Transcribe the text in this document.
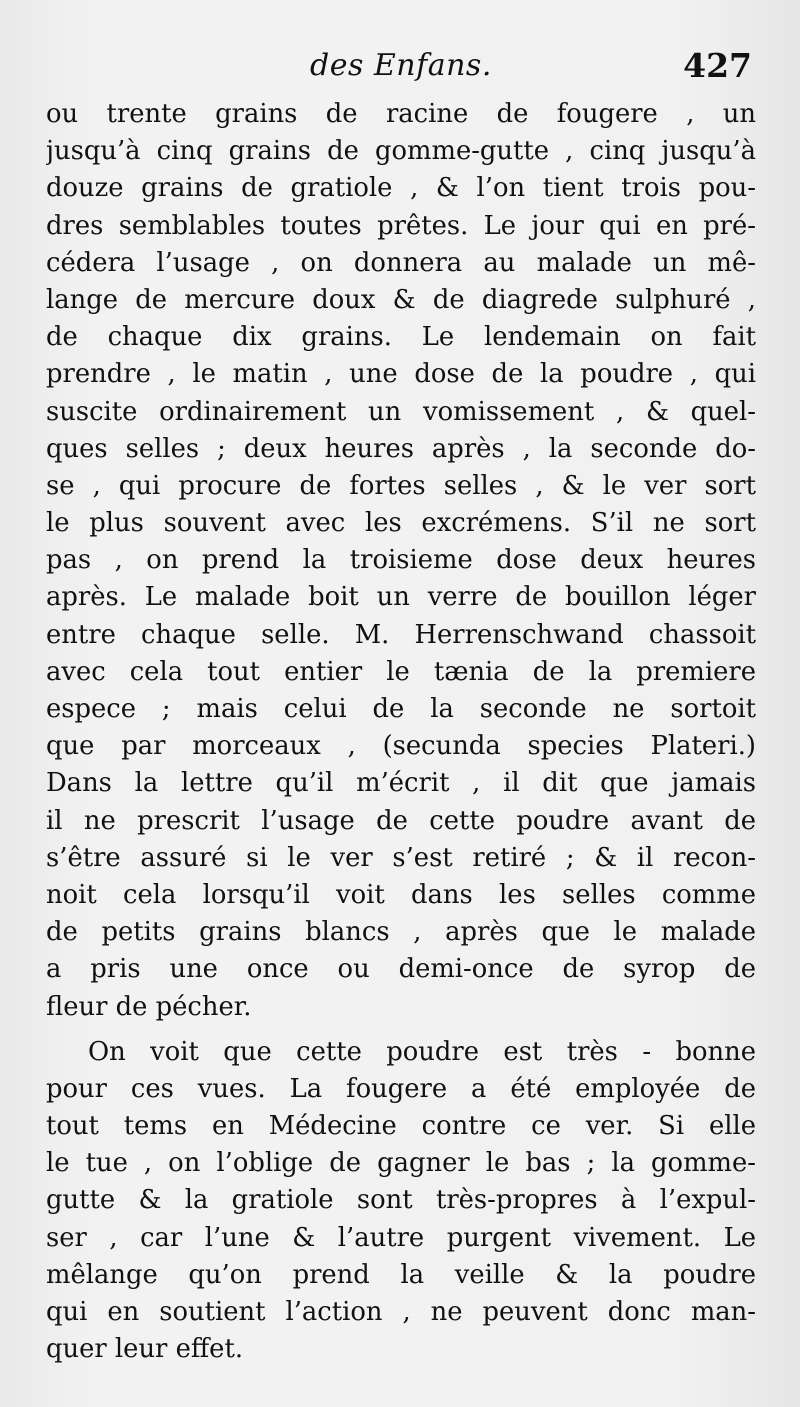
des Enfans.	427
ou trente grains de racine de fougere , un
jusqu’à cinq grains de gomme-gutte , cinq jusqu’à
douze grains de gratiole , & l’on tient trois pou-
dres semblables toutes prêtes. Le jour qui en pré-
cédera l’usage , on donnera au malade un mê-
lange de mercure doux & de diagrede sulphuré ,
de chaque dix grains. Le lendemain on fait
prendre , le matin , une dose de la poudre , qui
suscite ordinairement un vomissement , & quel-
ques selles ; deux heures après , la seconde do-
se , qui procure de fortes selles , & le ver sort
le plus souvent avec les excrémens. S’il ne sort
pas , on prend la troisieme dose deux heures
après. Le malade boit un verre de bouillon léger
entre chaque selle. M. Herrenschwand chassoit
avec cela tout entier le tænia de la premiere
espece ; mais celui de la seconde ne sortoit
que par morceaux , (secunda species Plateri.)
Dans la lettre qu’il m’écrit , il dit que jamais
il ne prescrit l’usage de cette poudre avant de
s’être assuré si le ver s’est retiré ; & il recon-
noit cela lorsqu’il voit dans les selles comme
de petits grains blancs , après que le malade
a pris une once ou demi-once de syrop de
fleur de pécher.
On voit que cette poudre est très - bonne
pour ces vues. La fougere a été employée de
tout tems en Médecine contre ce ver. Si elle
le tue , on l’oblige de gagner le bas ; la gomme-
gutte & la gratiole sont très-propres à l’expul-
ser , car l’une & l’autre purgent vivement. Le
mêlange qu’on prend la veille & la poudre
qui en soutient l’action , ne peuvent donc man-
quer leur effet.
